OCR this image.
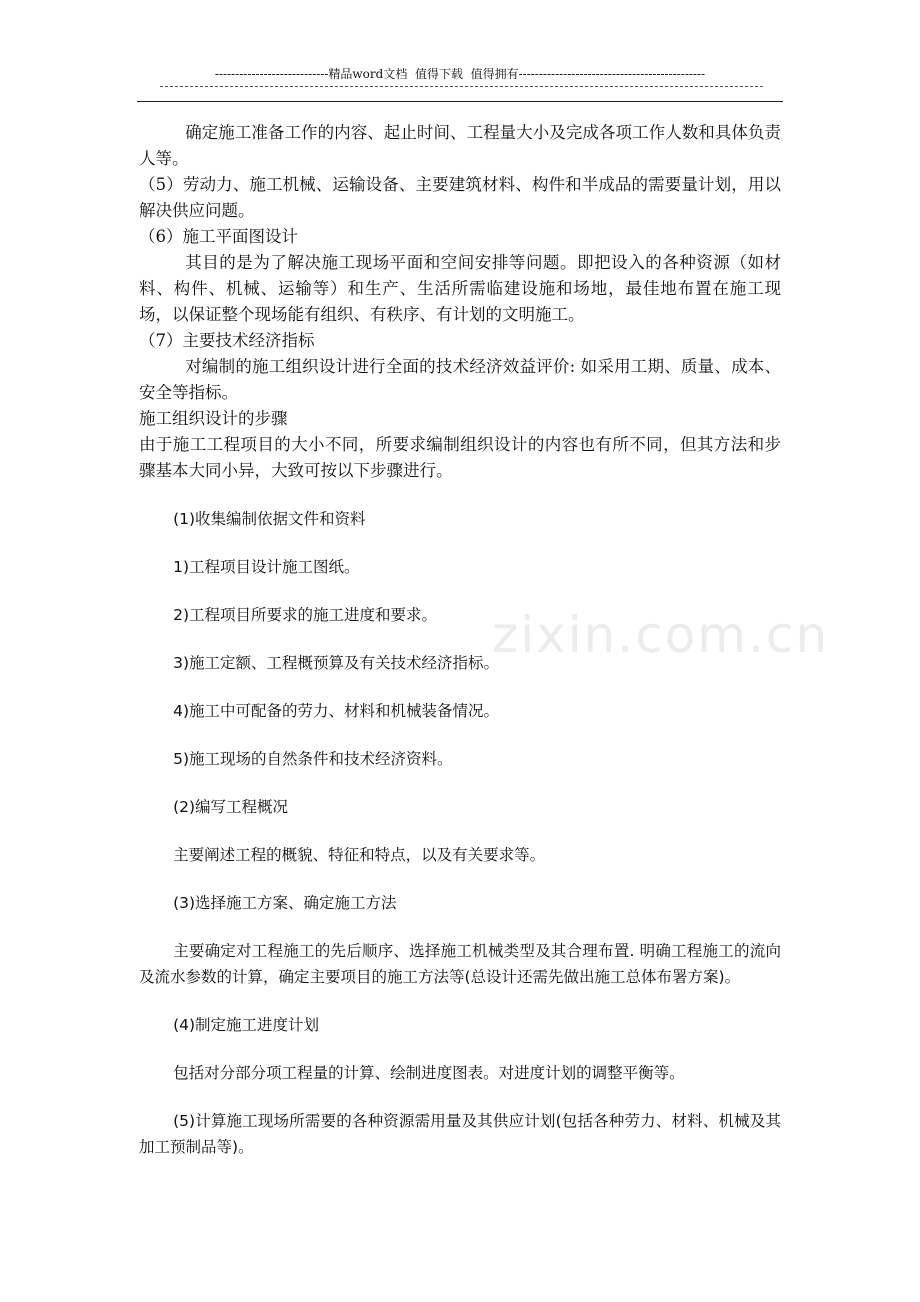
----------------------------精品word文档  值得下载  值得拥有----------------------------------------------
zixin.com.cn

确定施工准备工作的内容、起止时间、工程量大小及完成各项工作人数和具体负责人等。

（5）劳动力、施工机械、运输设备、主要建筑材料、构件和半成品的需要量计划，用以解决供应问题。

（6）施工平面图设计

其目的是为了解决施工现场平面和空间安排等问题。即把设入的各种资源（如材料、构件、机械、运输等）和生产、生活所需临建设施和场地，最佳地布置在施工现场，以保证整个现场能有组织、有秩序、有计划的文明施工。

（7）主要技术经济指标

对编制的施工组织设计进行全面的技术经济效益评价: 如采用工期、质量、成本、安全等指标。

施工组织设计的步骤

由于施工工程项目的大小不同，所要求编制组织设计的内容也有所不同，但其方法和步骤基本大同小异，大致可按以下步骤进行。

(1)收集编制依据文件和资料

1)工程项目设计施工图纸。

2)工程项目所要求的施工进度和要求。

3)施工定额、工程概预算及有关技术经济指标。

4)施工中可配备的劳力、材料和机械装备情况。

5)施工现场的自然条件和技术经济资料。

(2)编写工程概况

主要阐述工程的概貌、特征和特点，以及有关要求等。

(3)选择施工方案、确定施工方法

主要确定对工程施工的先后顺序、选择施工机械类型及其合理布置. 明确工程施工的流向及流水参数的计算，确定主要项目的施工方法等(总设计还需先做出施工总体布署方案)。

(4)制定施工进度计划

包括对分部分项工程量的计算、绘制进度图表。对进度计划的调整平衡等。

(5)计算施工现场所需要的各种资源需用量及其供应计划(包括各种劳力、材料、机械及其加工预制品等)。
